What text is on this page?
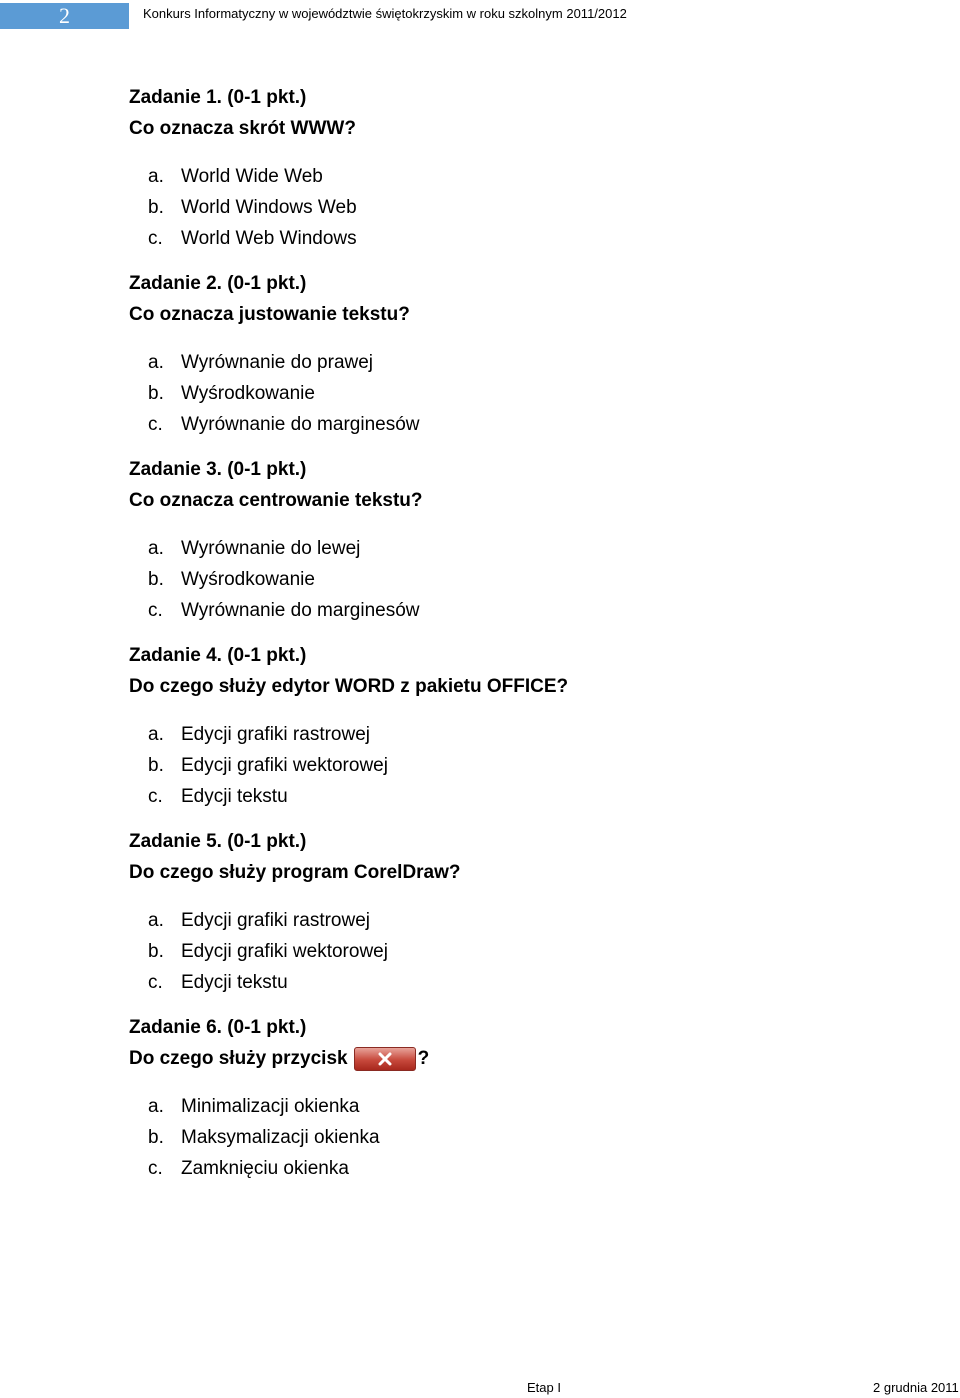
2	Konkurs Informatyczny w województwie świętokrzyskim w roku szkolnym 2011/2012
Zadanie 1. (0-1 pkt.)
Co oznacza skrót WWW?
a. World Wide Web
b. World Windows Web
c. World Web Windows
Zadanie 2. (0-1 pkt.)
Co oznacza justowanie tekstu?
a. Wyrównanie do prawej
b. Wyśrodkowanie
c. Wyrównanie do marginesów
Zadanie 3. (0-1 pkt.)
Co oznacza centrowanie tekstu?
a. Wyrównanie do lewej
b. Wyśrodkowanie
c. Wyrównanie do marginesów
Zadanie 4. (0-1 pkt.)
Do czego służy edytor WORD z pakietu OFFICE?
a. Edycji grafiki rastrowej
b. Edycji grafiki wektorowej
c. Edycji tekstu
Zadanie 5. (0-1 pkt.)
Do czego służy program CorelDraw?
a. Edycji grafiki rastrowej
b. Edycji grafiki wektorowej
c. Edycji tekstu
Zadanie 6. (0-1 pkt.)
Do czego służy przycisk	?
a. Minimalizacji okienka
b. Maksymalizacji okienka
c. Zamknięciu okienka
Etap I	2 grudnia 2011
